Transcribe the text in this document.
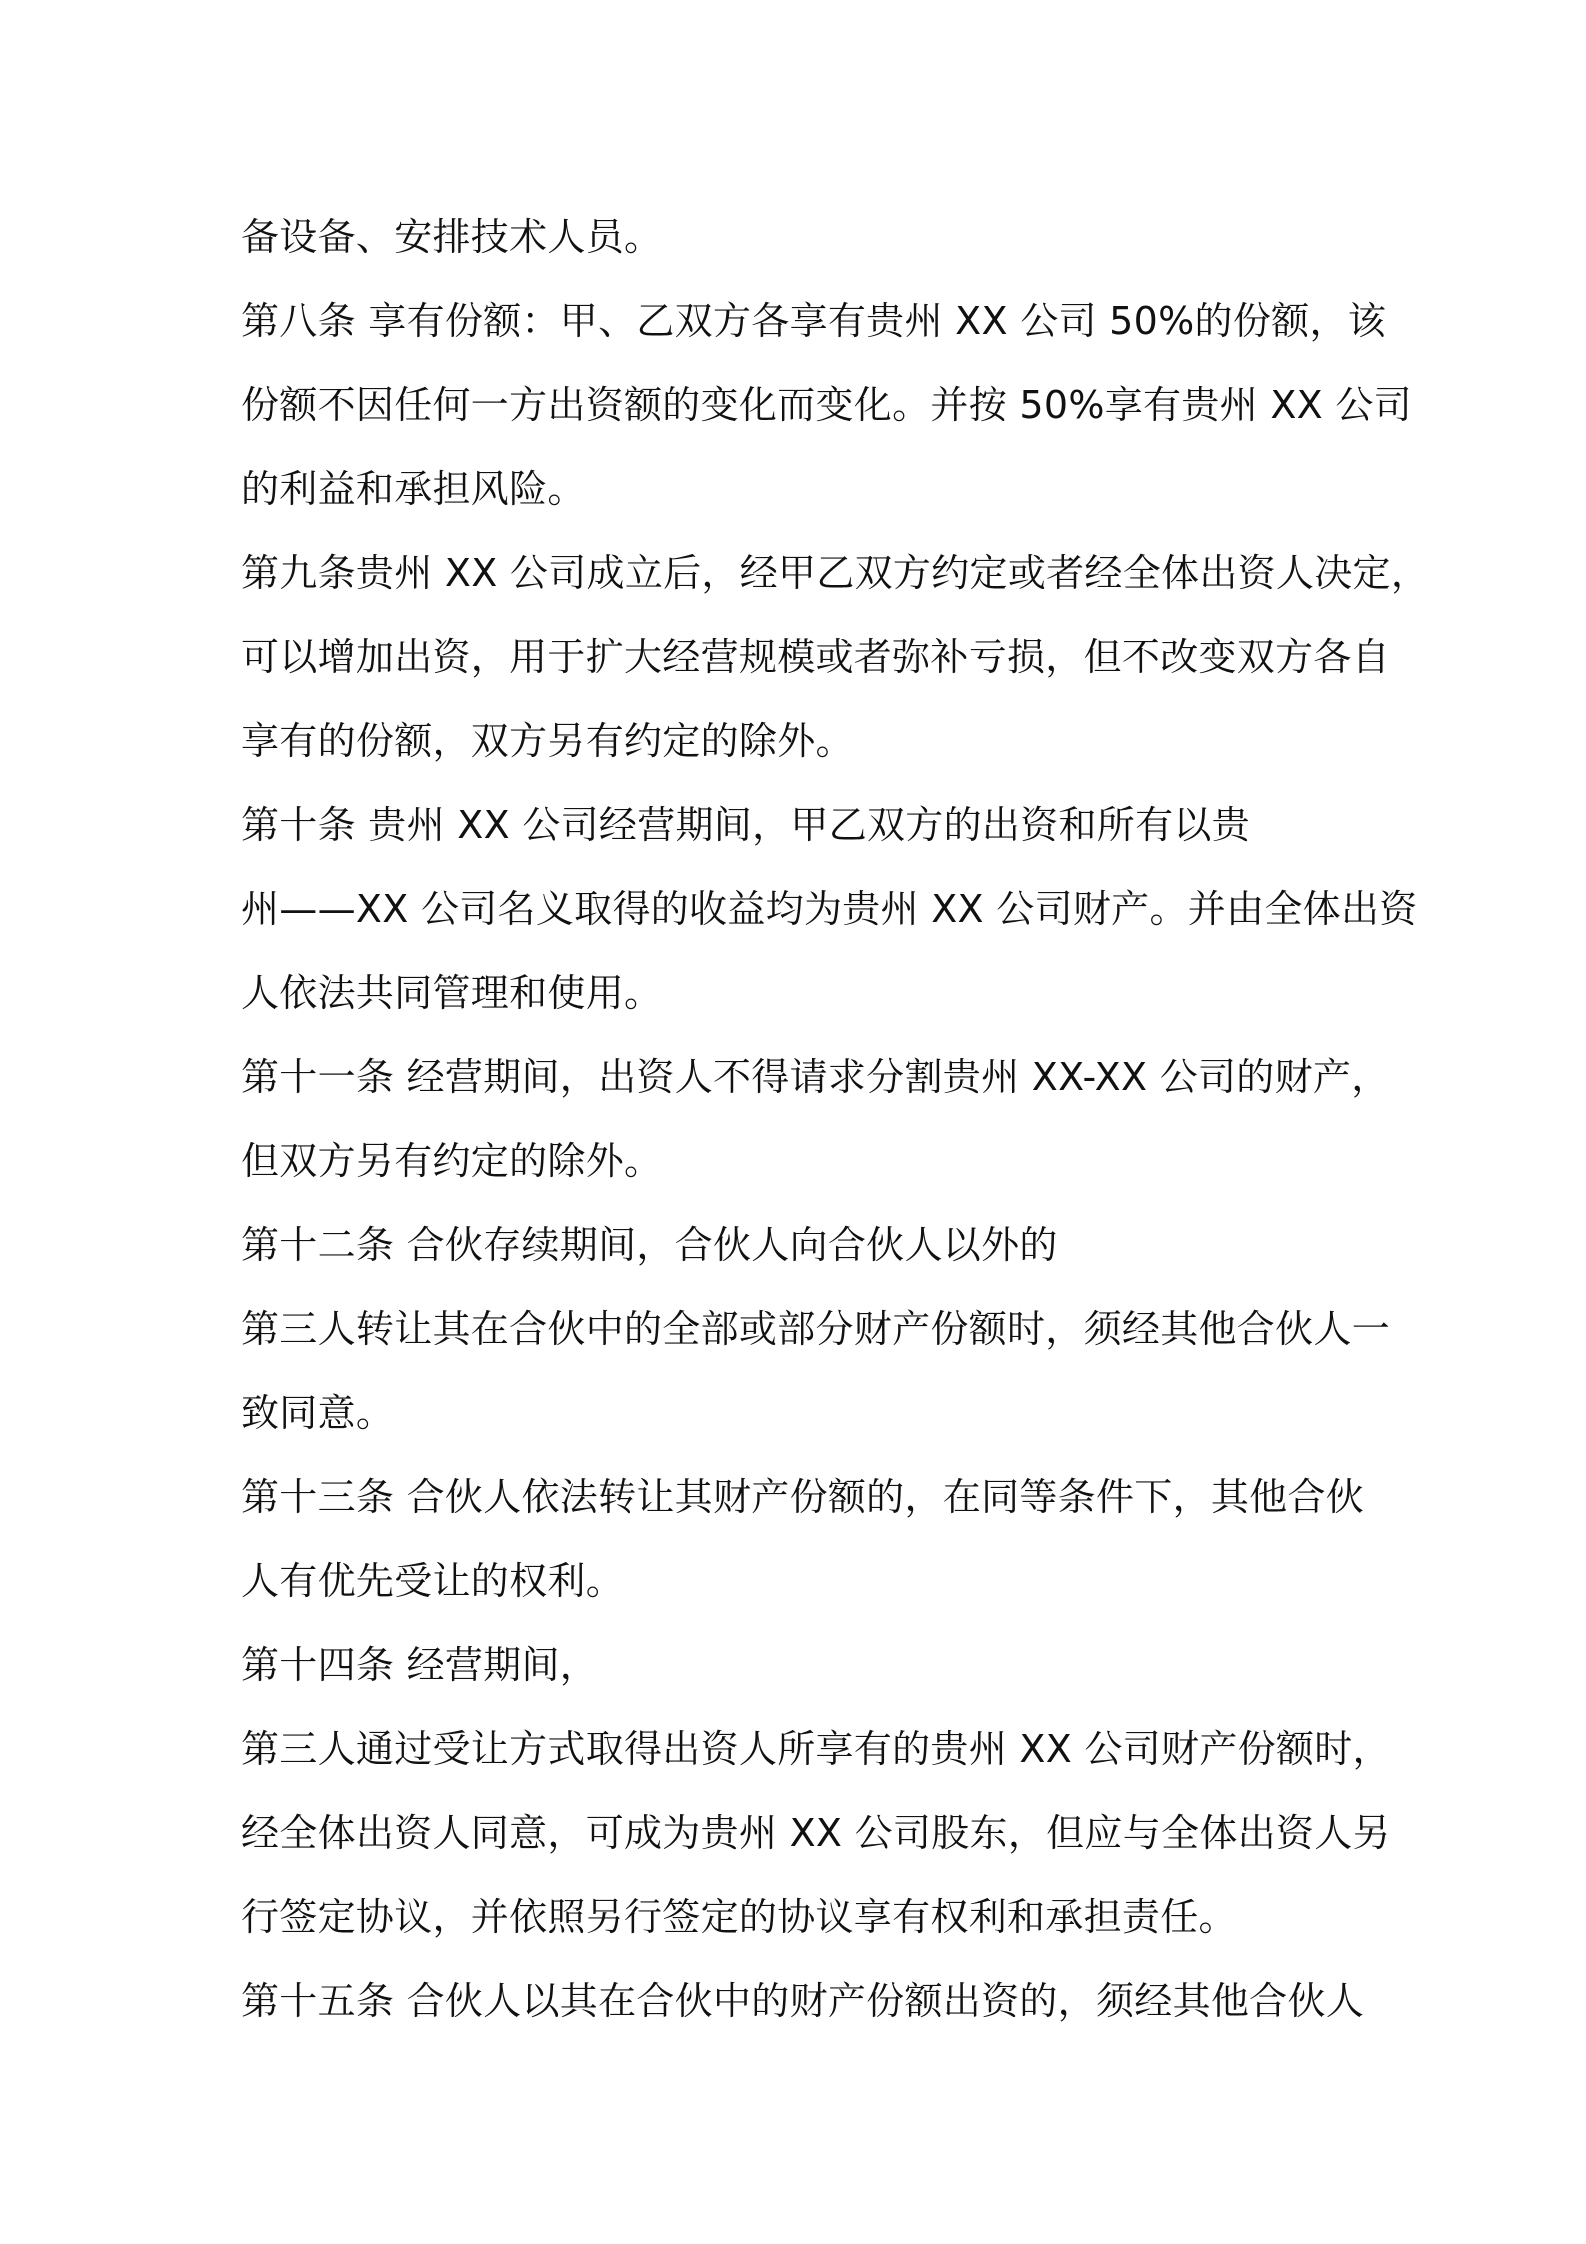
备设备、安排技术人员。
第八条 享有份额：甲、乙双方各享有贵州 XX 公司 50%的份额，该
份额不因任何一方出资额的变化而变化。并按 50%享有贵州 XX 公司
的利益和承担风险。
第九条贵州 XX 公司成立后，经甲乙双方约定或者经全体出资人决定，
可以增加出资，用于扩大经营规模或者弥补亏损，但不改变双方各自
享有的份额，双方另有约定的除外。
第十条 贵州 XX 公司经营期间，甲乙双方的出资和所有以贵
州——XX 公司名义取得的收益均为贵州 XX 公司财产。并由全体出资
人依法共同管理和使用。
第十一条 经营期间，出资人不得请求分割贵州 XX-XX 公司的财产，
但双方另有约定的除外。
第十二条 合伙存续期间，合伙人向合伙人以外的
第三人转让其在合伙中的全部或部分财产份额时，须经其他合伙人一
致同意。
第十三条 合伙人依法转让其财产份额的，在同等条件下，其他合伙
人有优先受让的权利。
第十四条 经营期间，
第三人通过受让方式取得出资人所享有的贵州 XX 公司财产份额时，
经全体出资人同意，可成为贵州 XX 公司股东，但应与全体出资人另
行签定协议，并依照另行签定的协议享有权利和承担责任。
第十五条 合伙人以其在合伙中的财产份额出资的，须经其他合伙人
